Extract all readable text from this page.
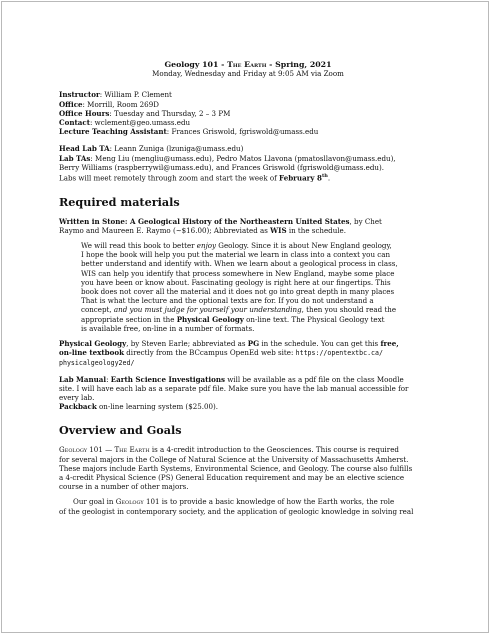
Geology 101 - The Earth - Spring, 2021
Monday, Wednesday and Friday at 9:05 AM via Zoom
Instructor: William P. Clement
Office: Morrill, Room 269D
Office Hours: Tuesday and Thursday, 2 – 3 PM
Contact: wclement@geo.umass.edu
Lecture Teaching Assistant: Frances Griswold, fgriswold@umass.edu
Head Lab TA: Leann Zuniga (lzuniga@umass.edu)
Lab TAs: Meng Liu (mengliu@umass.edu), Pedro Matos Llavona (pmatosllavon@umass.edu),
Berry Williams (raspberrywil@umass.edu), and Frances Griswold (fgriswold@umass.edu).
Labs will meet remotely through zoom and start the week of February 8th.
Required materials
Written in Stone: A Geological History of the Northeastern United States, by Chet
Raymo and Maureen E. Raymo (~$16.00); Abbreviated as WIS in the schedule.
We will read this book to better enjoy Geology. Since it is about New England geology,
I hope the book will help you put the material we learn in class into a context you can
better understand and identify with. When we learn about a geological process in class,
WIS can help you identify that process somewhere in New England, maybe some place
you have been or know about. Fascinating geology is right here at our fingertips. This
book does not cover all the material and it does not go into great depth in many places
That is what the lecture and the optional texts are for. If you do not understand a
concept, and you must judge for yourself your understanding, then you should read the
appropriate section in the Physical Geology on-line text. The Physical Geology text
is available free, on-line in a number of formats.
Physical Geology, by Steven Earle; abbreviated as PG in the schedule. You can get this free,
on-line textbook directly from the BCcampus OpenEd web site: https://opentextbc.ca/
physicalgeology2ed/
Lab Manual: Earth Science Investigations will be available as a pdf file on the class Moodle
site. I will have each lab as a separate pdf file. Make sure you have the lab manual accessible for
every lab.
Packback on-line learning system ($25.00).
Overview and Goals
Geology 101 — The Earth is a 4-credit introduction to the Geosciences. This course is required
for several majors in the College of Natural Science at the University of Massachusetts Amherst.
These majors include Earth Systems, Environmental Science, and Geology. The course also fulfills
a 4-credit Physical Science (PS) General Education requirement and may be an elective science
course in a number of other majors.
Our goal in Geology 101 is to provide a basic knowledge of how the Earth works, the role
of the geologist in contemporary society, and the application of geologic knowledge in solving real
